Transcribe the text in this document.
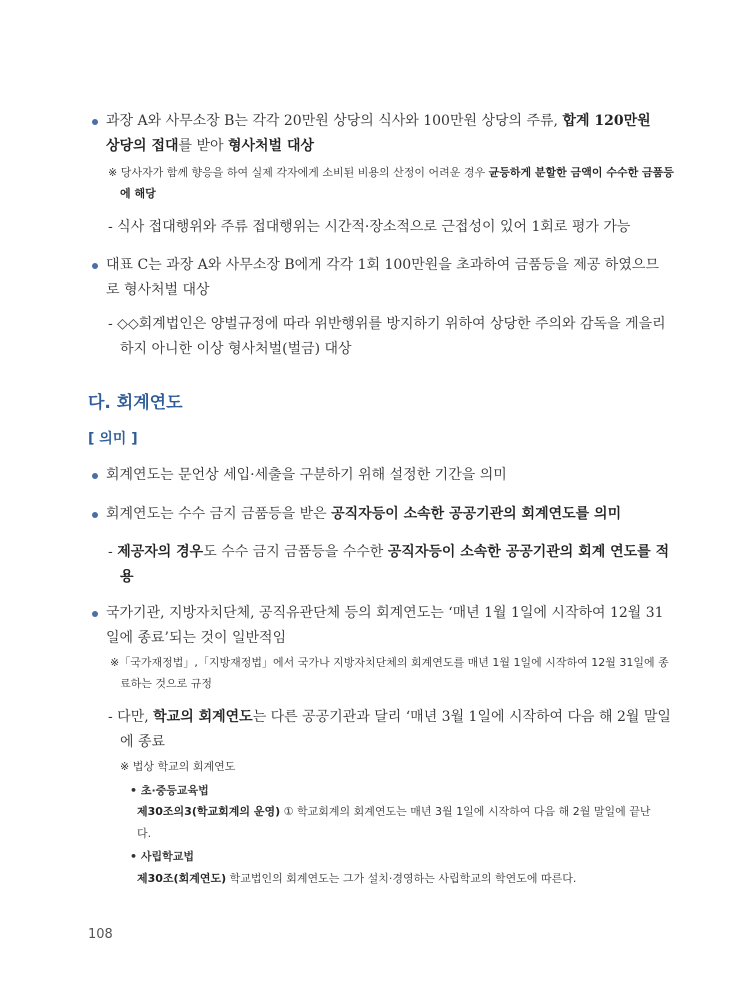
과장 A와 사무소장 B는 각각 20만원 상당의 식사와 100만원 상당의 주류, 합계 120만원 상당의 접대를 받아 형사처벌 대상
※ 당사자가 함께 향응을 하여 실제 각자에게 소비된 비용의 산정이 어려운 경우 균등하게 분할한 금액이 수수한 금품등에 해당
- 식사 접대행위와 주류 접대행위는 시간적·장소적으로 근접성이 있어 1회로 평가 가능
대표 C는 과장 A와 사무소장 B에게 각각 1회 100만원을 초과하여 금품등을 제공 하였으므로 형사처벌 대상
- ◇◇회계법인은 양벌규정에 따라 위반행위를 방지하기 위하여 상당한 주의와 감독을 게을리하지 아니한 이상 형사처벌(벌금) 대상
다. 회계연도
[ 의미 ]
회계연도는 문언상 세입·세출을 구분하기 위해 설정한 기간을 의미
회계연도는 수수 금지 금품등을 받은 공직자등이 소속한 공공기관의 회계연도를 의미
- 제공자의 경우도 수수 금지 금품등을 수수한 공직자등이 소속한 공공기관의 회계 연도를 적용
국가기관, 지방자치단체, 공직유관단체 등의 회계연도는 ‘매년 1월 1일에 시작하여 12월 31일에 종료’되는 것이 일반적임
※「국가재정법」,「지방재정법」에서 국가나 지방자치단체의 회계연도를 매년 1월 1일에 시작하여 12월 31일에 종료하는 것으로 규정
- 다만, 학교의 회계연도는 다른 공공기관과 달리 ‘매년 3월 1일에 시작하여 다음 해 2월 말일에 종료
※ 법상 학교의 회계연도
• 초·중등교육법
제30조의3(학교회계의 운영) ① 학교회계의 회계연도는 매년 3월 1일에 시작하여 다음 해 2월 말일에 끝난다.
• 사립학교법
제30조(회계연도) 학교법인의 회계연도는 그가 설치·경영하는 사립학교의 학연도에 따른다.
108
